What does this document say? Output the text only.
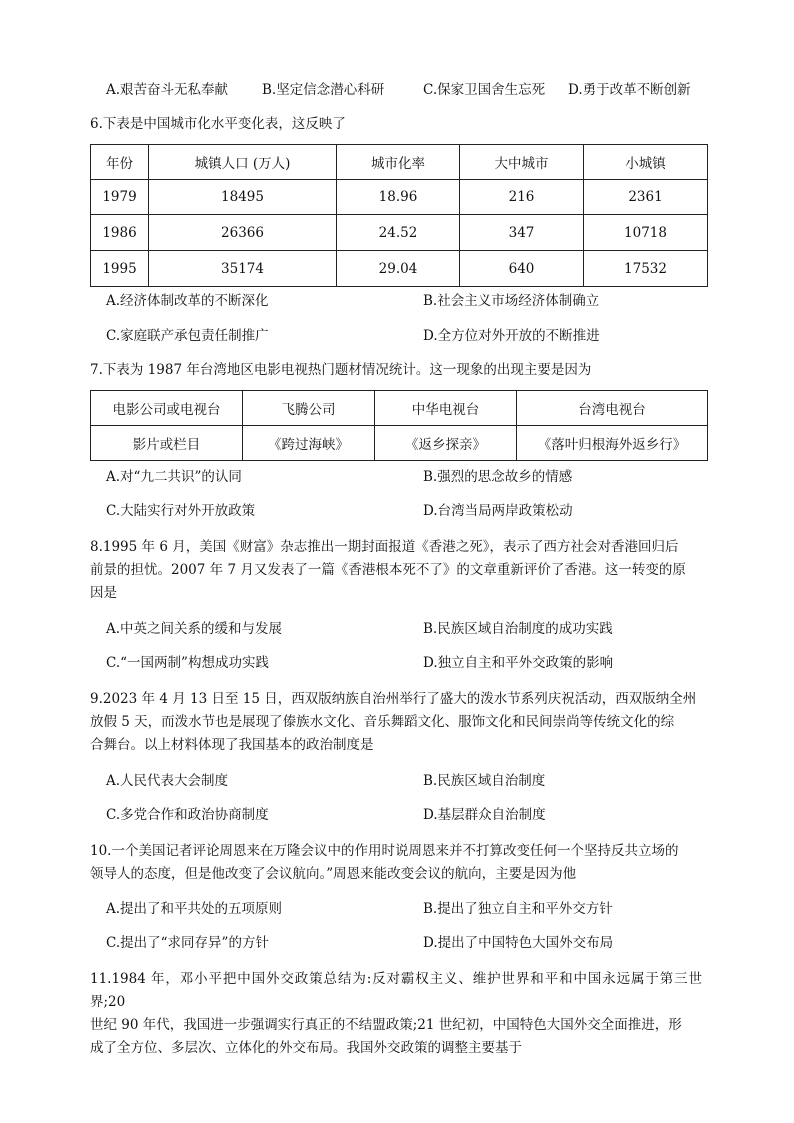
A.艰苦奋斗无私奉献	B.坚定信念潜心科研	C.保家卫国舍生忘死 D.勇于改革不断创新
6.下表是中国城市化水平变化表，这反映了
年份	城镇人口 (万人)	城市化率	大中城市	小城镇
1979	18495	18.96	216	2361
1986	26366	24.52	347	10718
1995	35174	29.04	640	17532
A.经济体制改革的不断深化	B.社会主义市场经济体制确立
C.家庭联产承包责任制推广	D.全方位对外开放的不断推进
7.下表为 1987 年台湾地区电影电视热门题材情况统计。这一现象的出现主要是因为
电影公司或电视台	飞腾公司	中华电视台	台湾电视台
影片或栏目	《跨过海峡》	《返乡探亲》	《落叶归根海外返乡行》
A.对“九二共识”的认同	B.强烈的思念故乡的情感
C.大陆实行对外开放政策	D.台湾当局两岸政策松动
8.1995 年 6 月，美国《财富》杂志推出一期封面报道《香港之死》，表示了西方社会对香港回归后
前景的担忧。2007 年 7 月又发表了一篇《香港根本死不了》的文章重新评价了香港。这一转变的原
因是
A.中英之间关系的缓和与发展	B.民族区域自治制度的成功实践
C.“一国两制”构想成功实践	D.独立自主和平外交政策的影响
9.2023 年 4 月 13 日至 15 日，西双版纳族自治州举行了盛大的泼水节系列庆祝活动，西双版纳全州
放假 5 天，而泼水节也是展现了傣族水文化、音乐舞蹈文化、服饰文化和民间崇尚等传统文化的综
合舞台。以上材料体现了我国基本的政治制度是
A.人民代表大会制度	B.民族区域自治制度
C.多党合作和政治协商制度	D.基层群众自治制度
10.一个美国记者评论周恩来在万隆会议中的作用时说周恩来并不打算改变任何一个坚持反共立场的
领导人的态度，但是他改变了会议航向。”周恩来能改变会议的航向，主要是因为他
A.提出了和平共处的五项原则	B.提出了独立自主和平外交方针
C.提出了“求同存异”的方针	D.提出了中国特色大国外交布局
11.1984 年，邓小平把中国外交政策总结为:反对霸权主义、维护世界和平和中国永远属于第三世界;20
世纪 90 年代，我国进一步强调实行真正的不结盟政策;21 世纪初，中国特色大国外交全面推进，形
成了全方位、多层次、立体化的外交布局。我国外交政策的调整主要基于
